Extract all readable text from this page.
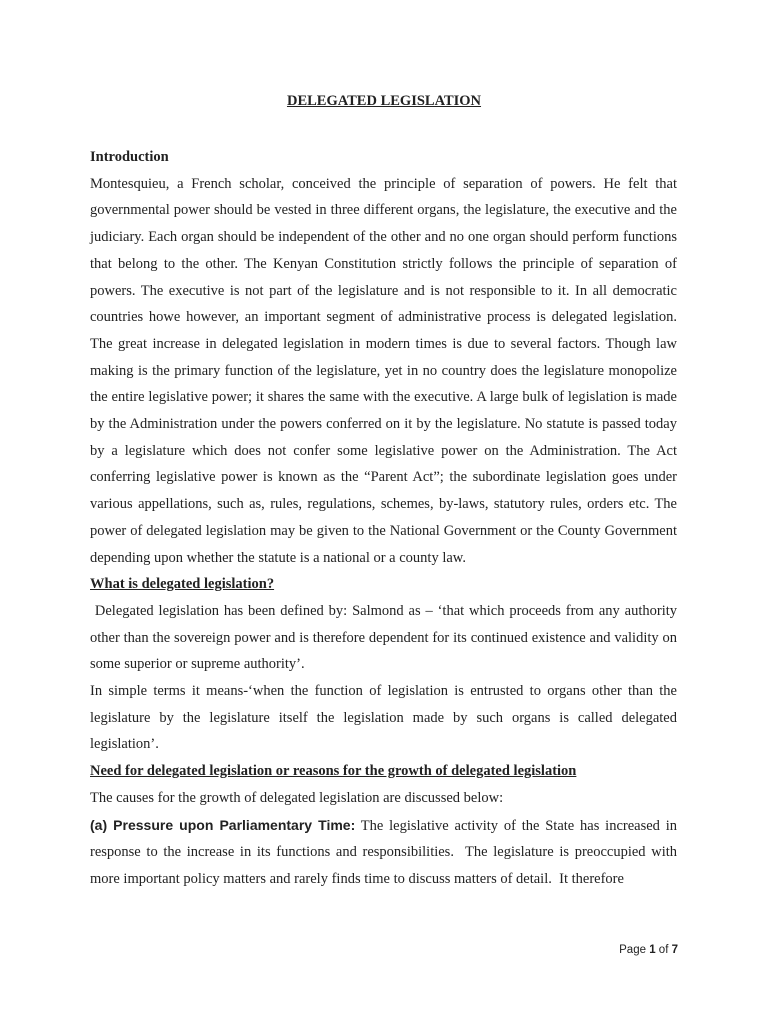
DELEGATED LEGISLATION
Introduction

Montesquieu, a French scholar, conceived the principle of separation of powers. He felt that governmental power should be vested in three different organs, the legislature, the executive and the judiciary. Each organ should be independent of the other and no one organ should perform functions that belong to the other. The Kenyan Constitution strictly follows the principle of separation of powers. The executive is not part of the legislature and is not responsible to it. In all democratic countries howe however, an important segment of administrative process is delegated legislation. The great increase in delegated legislation in modern times is due to several factors. Though law making is the primary function of the legislature, yet in no country does the legislature monopolize the entire legislative power; it shares the same with the executive. A large bulk of legislation is made by the Administration under the powers conferred on it by the legislature. No statute is passed today by a legislature which does not confer some legislative power on the Administration. The Act conferring legislative power is known as the “Parent Act”; the subordinate legislation goes under various appellations, such as, rules, regulations, schemes, by-laws, statutory rules, orders etc. The power of delegated legislation may be given to the National Government or the County Government depending upon whether the statute is a national or a county law.

What is delegated legislation?

Delegated legislation has been defined by: Salmond as – ‘that which proceeds from any authority other than the sovereign power and is therefore dependent for its continued existence and validity on some superior or supreme authority’.

In simple terms it means-‘when the function of legislation is entrusted to organs other than the legislature by the legislature itself the legislation made by such organs is called delegated legislation’.

Need for delegated legislation or reasons for the growth of delegated legislation

The causes for the growth of delegated legislation are discussed below:

(a) Pressure upon Parliamentary Time: The legislative activity of the State has increased in response to the increase in its functions and responsibilities.  The legislature is preoccupied with more important policy matters and rarely finds time to discuss matters of detail.  It therefore

Page 1 of 7
